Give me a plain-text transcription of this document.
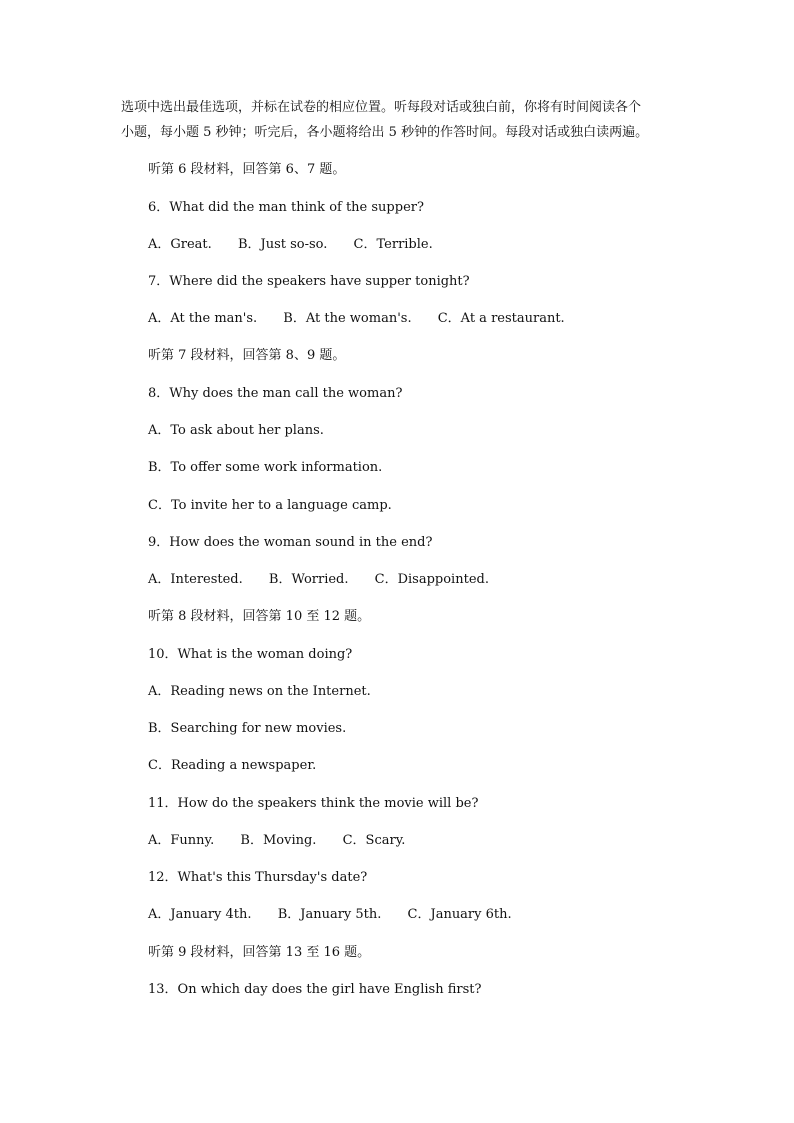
选项中选出最佳选项，并标在试卷的相应位置。听每段对话或独白前，你将有时间阅读各个
小题，每小题 5 秒钟；听完后，各小题将给出 5 秒钟的作答时间。每段对话或独白读两遍。
听第 6 段材料，回答第 6、7 题。
6．What did the man think of the supper?
A．Great. B．Just so-so. C．Terrible.
7．Where did the speakers have supper tonight?
A．At the man's. B．At the woman's. C．At a restaurant.
听第 7 段材料，回答第 8、9 题。
8．Why does the man call the woman?
A．To ask about her plans.
B．To offer some work information.
C．To invite her to a language camp.
9．How does the woman sound in the end?
A．Interested. B．Worried. C．Disappointed.
听第 8 段材料，回答第 10 至 12 题。
10．What is the woman doing?
A．Reading news on the Internet.
B．Searching for new movies.
C．Reading a newspaper.
11．How do the speakers think the movie will be?
A．Funny. B．Moving. C．Scary.
12．What's this Thursday's date?
A．January 4th. B．January 5th. C．January 6th.
听第 9 段材料，回答第 13 至 16 题。
13．On which day does the girl have English first?
